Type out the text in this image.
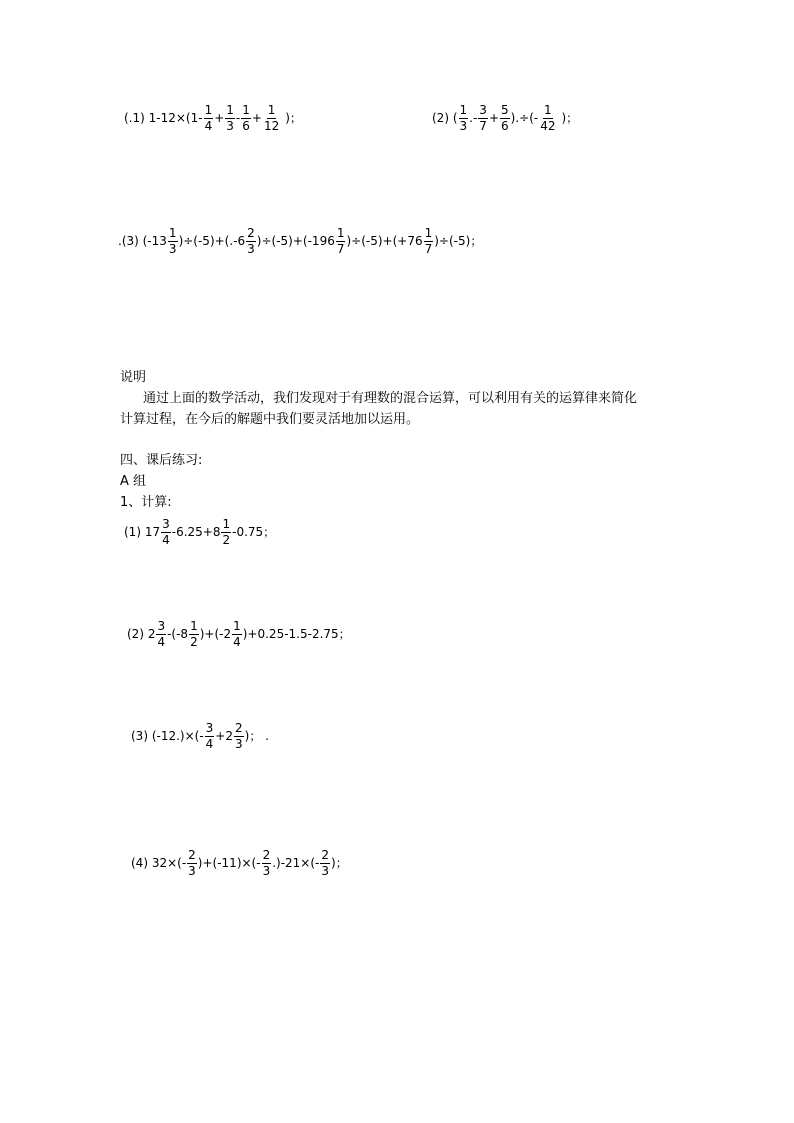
(.1) $1-12\times(1- \frac{1}{4} + \frac{1}{3} - \frac{1}{6} + \frac{1}{12}$ )；	(2) ( $\frac{1}{3}$ .- $\frac{3}{7} + \frac{5}{6}$ ).÷(- $\frac{1}{42}$ )；
.(3) $(-13 \frac{1}{3} )\div(-5)+(.-6 \frac{2}{3} )\div(-5)+(-196 \frac{1}{7} )\div(-5)+(+76 \frac{1}{7} )\div(-5)$；
说明
通过上面的数学活动，我们发现对于有理数的混合运算，可以利用有关的运算律来简化
计算过程，在今后的解题中我们要灵活地加以运用。
四、课后练习:
A 组
1、计算:
(1) $17 \frac{3}{4} -6.25+8 \frac{1}{2} -0.75$；
(2) $2 \frac{3}{4} -(-8 \frac{1}{2} )+(-2 \frac{1}{4} )+0.25-1.5-2.75$；
(3) $(-12.)\times(- \frac{3}{4} +2 \frac{2}{3}$ )； .
(4) $32\times(- \frac{2}{3} )+(-11)\times(- \frac{2}{3} .)-21\times(- \frac{2}{3}$ )；
